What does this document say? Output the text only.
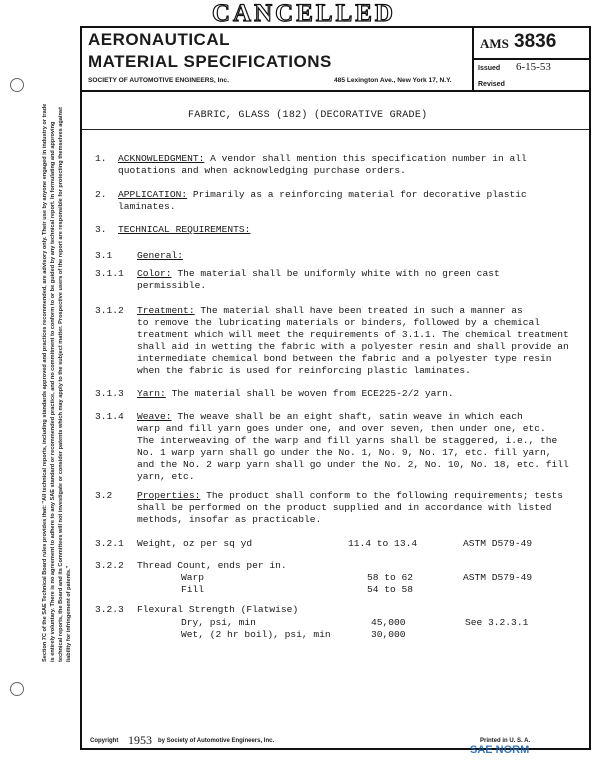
CANCELLED
Section 7C of the SAE Technical Board rules provides that: "All technical reports, including standards approved and practices recommended, are advisory only. Their use by anyone engaged in industry or trade is entirely voluntary. There is no agreement to adhere to any SAE standard or recommended practice, and no commitment to conform to or be guided by any technical report. In formulating and approving technical reports, the Board and its Committees will not investigate or consider patents which may apply to the subject matter. Prospective users of the report are responsible for protecting themselves against liability for infringement of patents."
AERONAUTICAL
MATERIAL SPECIFICATIONS
SOCIETY OF AUTOMOTIVE ENGINEERS, Inc.	485 Lexington Ave., New York 17, N.Y.
AMS 3836
Issued 6-15-53
Revised
FABRIC, GLASS (182) (DECORATIVE GRADE)
1. ACKNOWLEDGMENT: A vendor shall mention this specification number in all
quotations and when acknowledging purchase orders.
2. APPLICATION: Primarily as a reinforcing material for decorative plastic
laminates.
3. TECHNICAL REQUIREMENTS:
3.1	General:
3.1.1 Color: The material shall be uniformly white with no green cast
permissible.
3.1.2 Treatment: The material shall have been treated in such a manner as
to remove the lubricating materials or binders, followed by a chemical
treatment which will meet the requirements of 3.1.1. The chemical treatment
shall aid in wetting the fabric with a polyester resin and shall provide an
intermediate chemical bond between the fabric and a polyester type resin
when the fabric is used for reinforcing plastic laminates.
3.1.3 Yarn: The material shall be woven from ECE225-2/2 yarn.
3.1.4 Weave: The weave shall be an eight shaft, satin weave in which each
warp and fill yarn goes under one, and over seven, then under one, etc.
The interweaving of the warp and fill yarns shall be staggered, i.e., the
No. 1 warp yarn shall go under the No. 1, No. 9, No. 17, etc. fill yarn,
and the No. 2 warp yarn shall go under the No. 2, No. 10, No. 18, etc. fill
yarn, etc.
3.2	Properties: The product shall conform to the following requirements; tests
shall be performed on the product supplied and in accordance with listed
methods, insofar as practicable.
3.2.1 Weight, oz per sq yd	11.4 to 13.4	ASTM D579-49
3.2.2 Thread Count, ends per in.
Warp	58 to 62	ASTM D579-49
Fill	54 to 58
3.2.3 Flexural Strength (Flatwise)
Dry, psi, min	45,000	See 3.2.3.1
Wet, (2 hr boil), psi, min	30,000
Copyright 1953 by Society of Automotive Engineers, Inc.	Printed in U. S. A.
SAE NORM
